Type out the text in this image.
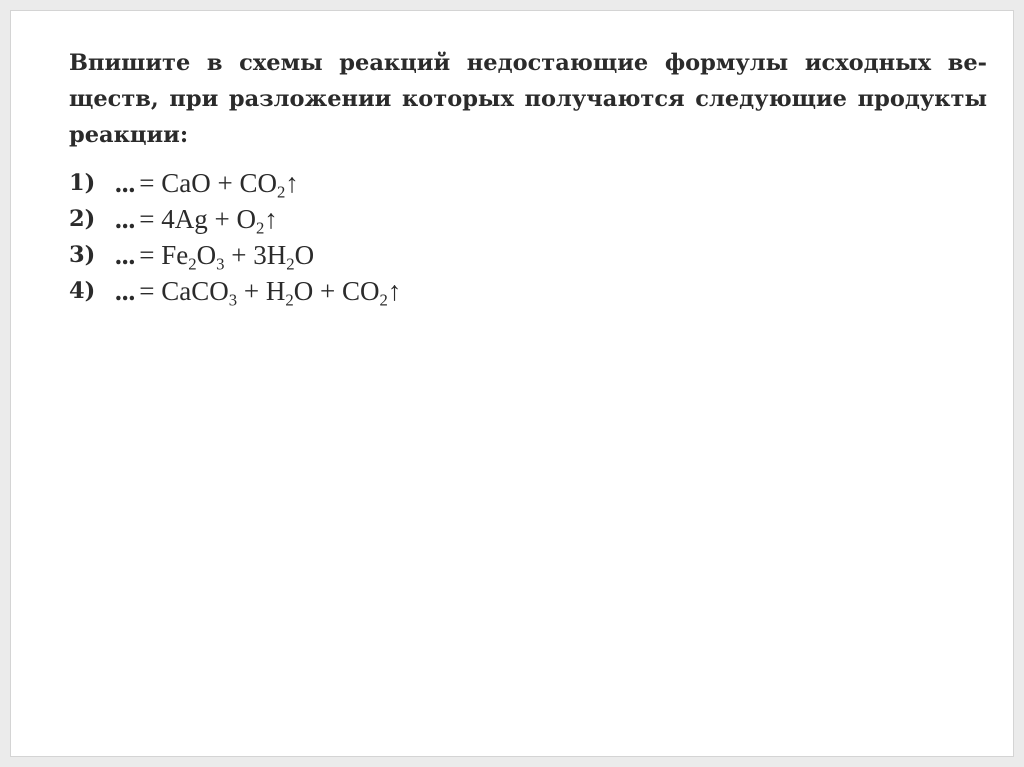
Впишите в схемы реакций недостающие формулы исходных веществ, при разложении которых получаются следующие продукты реакции:

1) ... = CaO + $CO_2↑$
2) ... = $4Ag + O_2↑$
3) ... = $Fe_2O_3 + 3H_2O$
4) ... = CaCO$_3$ + $H_2O$ + $CO_2↑$
